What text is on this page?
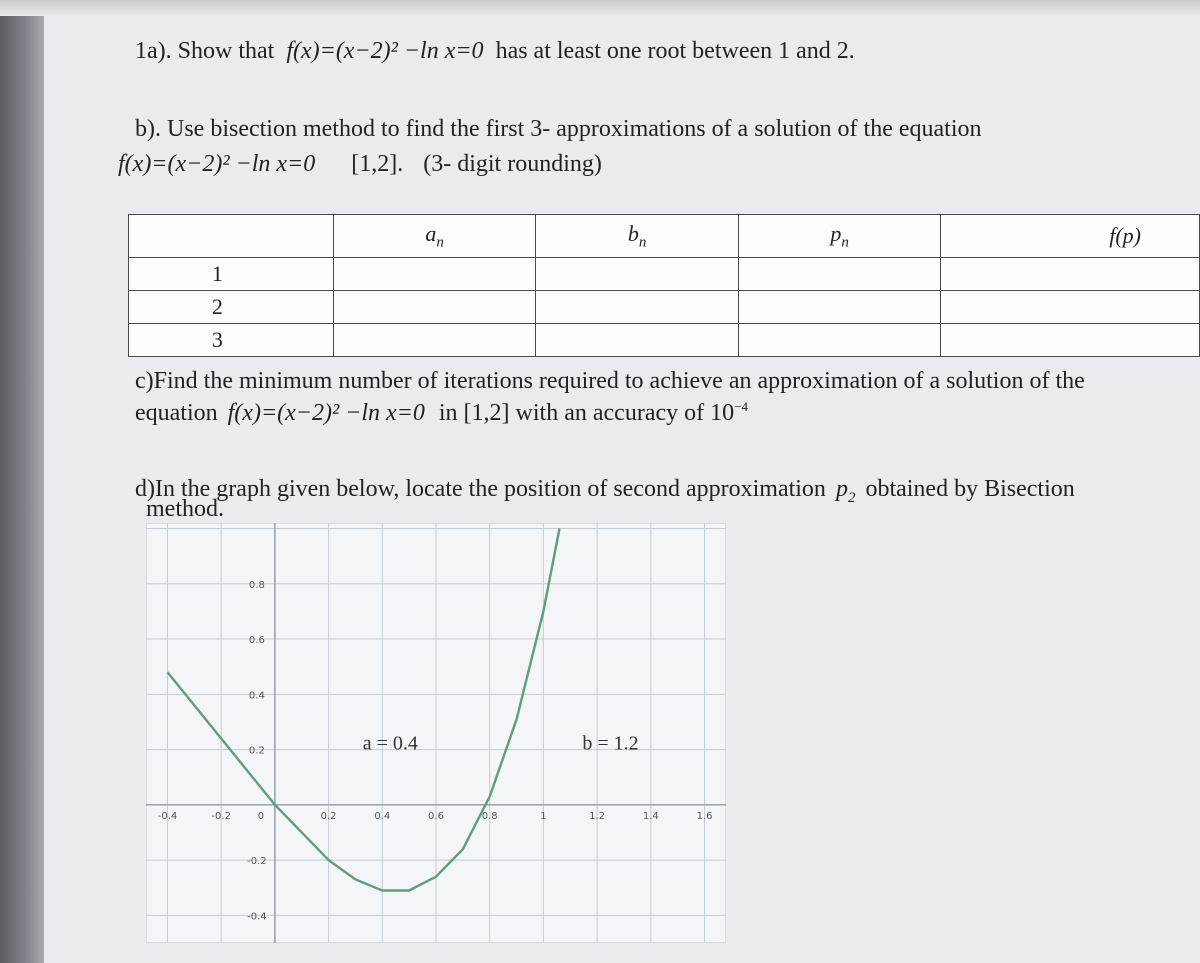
1a). Show that f(x)=(x−2)² −ln x=0 has at least one root between 1 and 2.
b). Use bisection method to find the first 3- approximations of a solution of the equation
f(x)=(x−2)² −ln x=0 [1,2]. (3- digit rounding)
	$a_n$	$b_n$	$p_n$	f(p)
1				
2				
3				
c)Find the minimum number of iterations required to achieve an approximation of a solution of the
equation f(x)=(x−2)² −ln x=0 in [1,2] with an accuracy of $10^{-4}$
d)In the graph given below, locate the position of second approximation $p_2$ obtained by Bisection
method.
-0.4	-0.2	0	0.2	0.4	0.6	0.8	1	1.2	1.4	1.6
0.8
0.6
0.4
0.2
-0.2
-0.4
a = 0.4	b = 1.2
